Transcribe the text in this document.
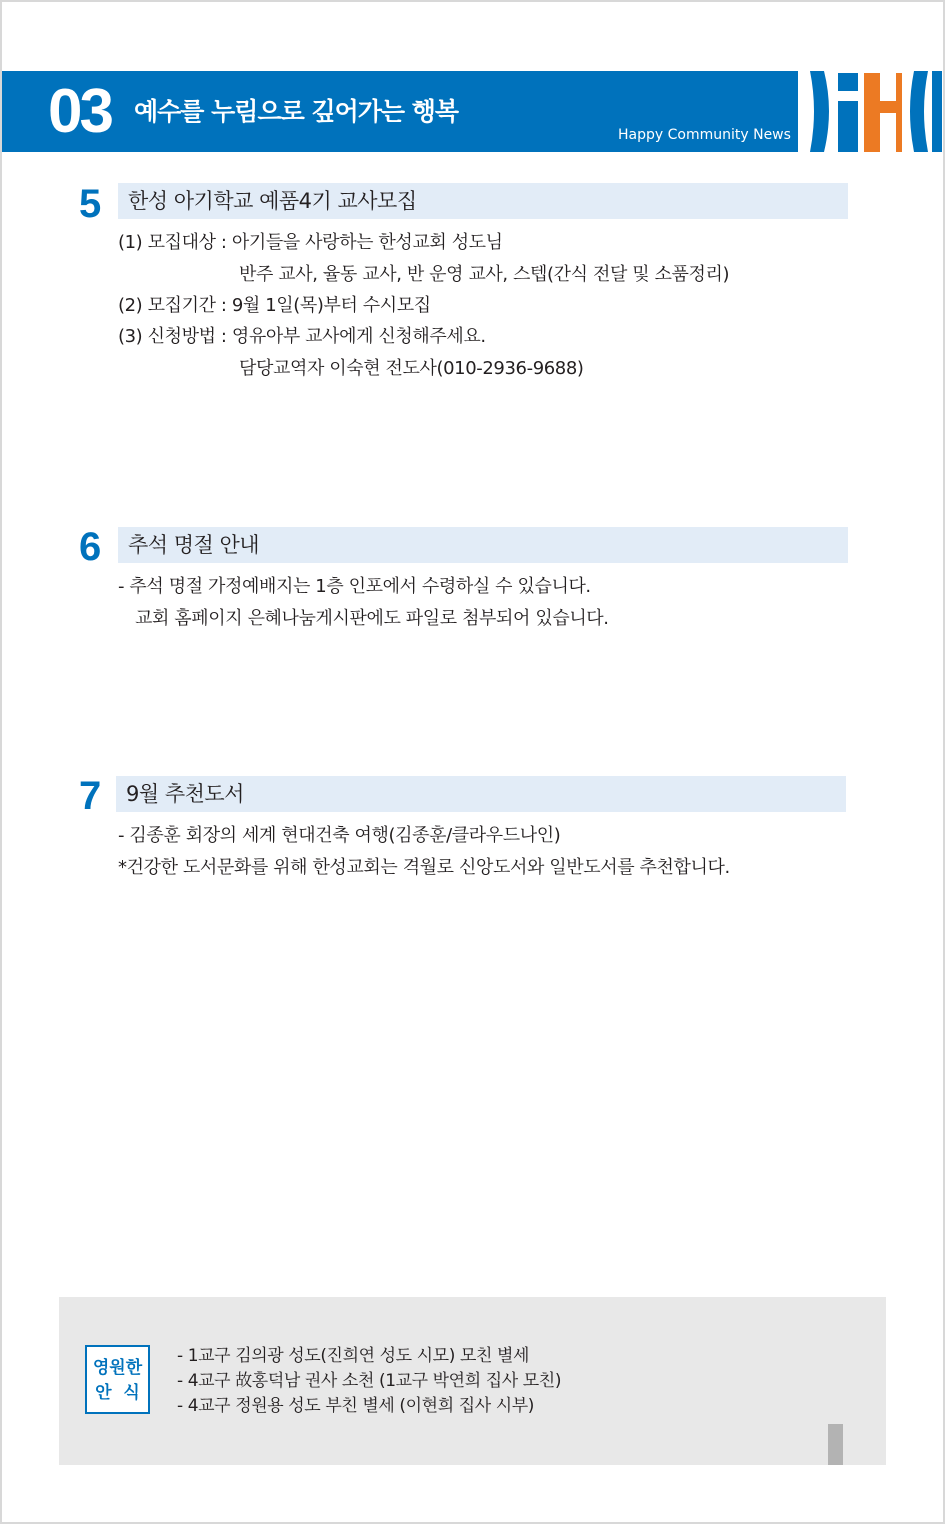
03 예수를 누림으로 깊어가는 행복
Happy Community News
5 한성 아기학교 예품4기 교사모집
(1) 모집대상 : 아기들을 사랑하는 한성교회 성도님
반주 교사, 율동 교사, 반 운영 교사, 스텝(간식 전달 및 소품정리)
(2) 모집기간 : 9월 1일(목)부터 수시모집
(3) 신청방법 : 영유아부 교사에게 신청해주세요.
담당교역자 이숙현 전도사(010-2936-9688)
6 추석 명절 안내
- 추석 명절 가정예배지는 1층 인포에서 수령하실 수 있습니다.
교회 홈페이지 은혜나눔게시판에도 파일로 첨부되어 있습니다.
7 9월 추천도서
- 김종훈 회장의 세계 현대건축 여행(김종훈/클라우드나인)
*건강한 도서문화를 위해 한성교회는 격월로 신앙도서와 일반도서를 추천합니다.
영원한
안  식
- 1교구 김의광 성도(진희연 성도 시모) 모친 별세
- 4교구 故홍덕남 권사 소천 (1교구 박연희 집사 모친)
- 4교구 정원용 성도 부친 별세 (이현희 집사 시부)
